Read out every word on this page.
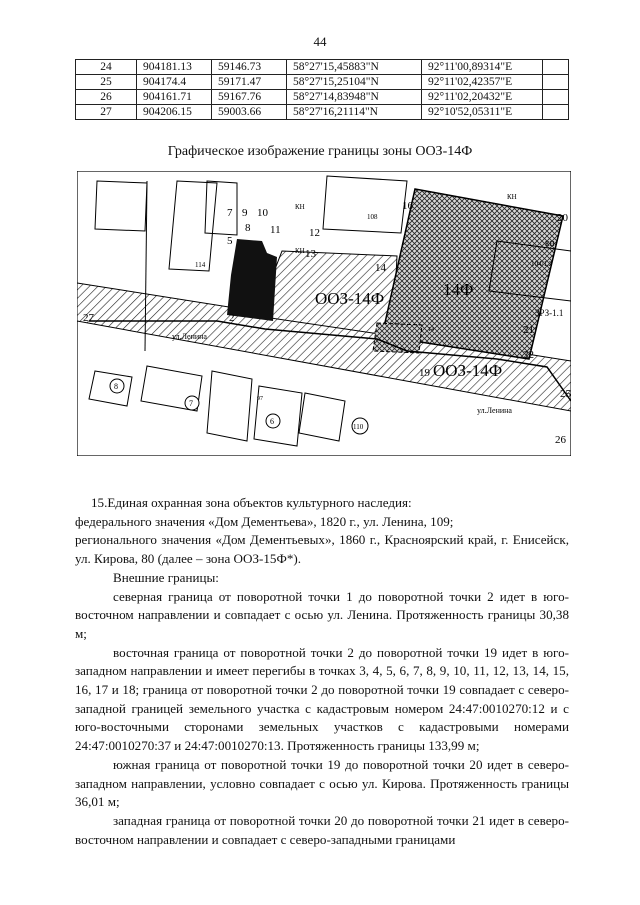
44
24	904181.13	59146.73	58°27'15,45883"N	92°11'00,89314"E	
25	904174.4	59171.47	58°27'15,25104"N	92°11'02,42357"E	
26	904161.71	59167.76	58°27'14,83948"N	92°11'02,20432"E	
27	904206.15	59003.66	58°27'16,21114"N	92°10'52,05311"E	
Графическое изображение границы зоны ООЗ-14Ф
ООЗ-14Ф	14Ф
ООЗ-14Ф
ЗРЗ-1.1
ул.Ленина
ул.Ленина
108
114	104/1,2
КН
КН
КН
КН
7
6
8
110
14
97
7 9 10
8
5
11	12
13
14
16
2
20
21
22
25
26
27
19

15.Единая охранная зона объектов культурного наследия:

федерального значения «Дом Дементьева», 1820 г., ул. Ленина, 109;

регионального значения «Дом Дементьевых», 1860 г., Красноярский край, г. Енисейск, ул. Кирова, 80 (далее – зона ООЗ-15Ф*).

Внешние границы:

северная граница от поворотной точки 1 до поворотной точки 2 идет в юго-восточном направлении и совпадает с осью ул. Ленина. Протяженность границы 30,38 м;

восточная граница от поворотной точки 2 до поворотной точки 19 идет в юго-западном направлении и имеет перегибы в точках 3, 4, 5, 6, 7, 8, 9, 10, 11, 12, 13, 14, 15, 16, 17 и 18; граница от поворотной точки 2 до поворотной точки 19 совпадает с северо-западной границей земельного участка с кадастровым номером 24:47:0010270:12 и с юго-восточными сторонами земельных участков с кадастровыми номерами 24:47:0010270:37 и 24:47:0010270:13. Протяженность границы 133,99 м;

южная граница от поворотной точки 19 до поворотной точки 20 идет в северо-западном направлении, условно совпадает с осью ул. Кирова. Протяженность границы 36,01 м;

западная граница от поворотной точки 20 до поворотной точки 21 идет в северо-восточном направлении и совпадает с северо-западными границами
